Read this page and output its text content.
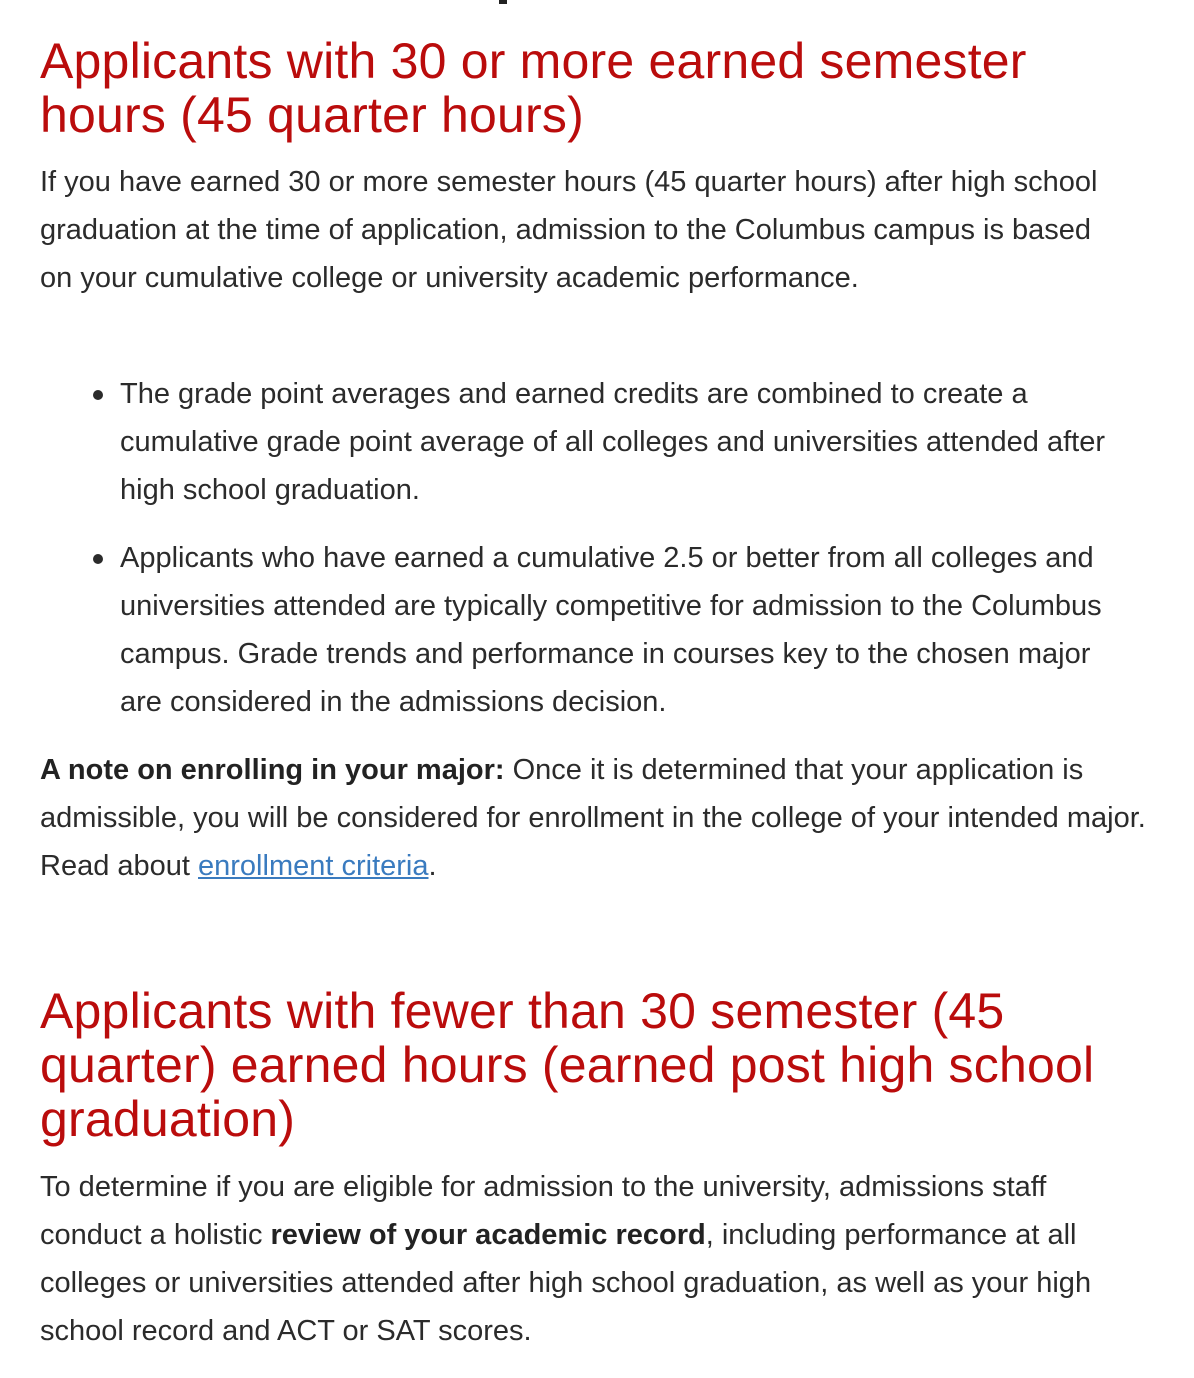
Applicants with 30 or more earned semester hours (45 quarter hours)

If you have earned 30 or more semester hours (45 quarter hours) after high school graduation at the time of application, admission to the Columbus campus is based on your cumulative college or university academic performance.

The grade point averages and earned credits are combined to create a cumulative grade point average of all colleges and universities attended after high school graduation.
Applicants who have earned a cumulative 2.5 or better from all colleges and universities attended are typically competitive for admission to the Columbus campus. Grade trends and performance in courses key to the chosen major are considered in the admissions decision.

A note on enrolling in your major: Once it is determined that your application is admissible, you will be considered for enrollment in the college of your intended major. Read about enrollment criteria.

Applicants with fewer than 30 semester (45 quarter) earned hours (earned post high school graduation)

To determine if you are eligible for admission to the university, admissions staff conduct a holistic review of your academic record, including performance at all colleges or universities attended after high school graduation, as well as your high school record and ACT or SAT scores.
